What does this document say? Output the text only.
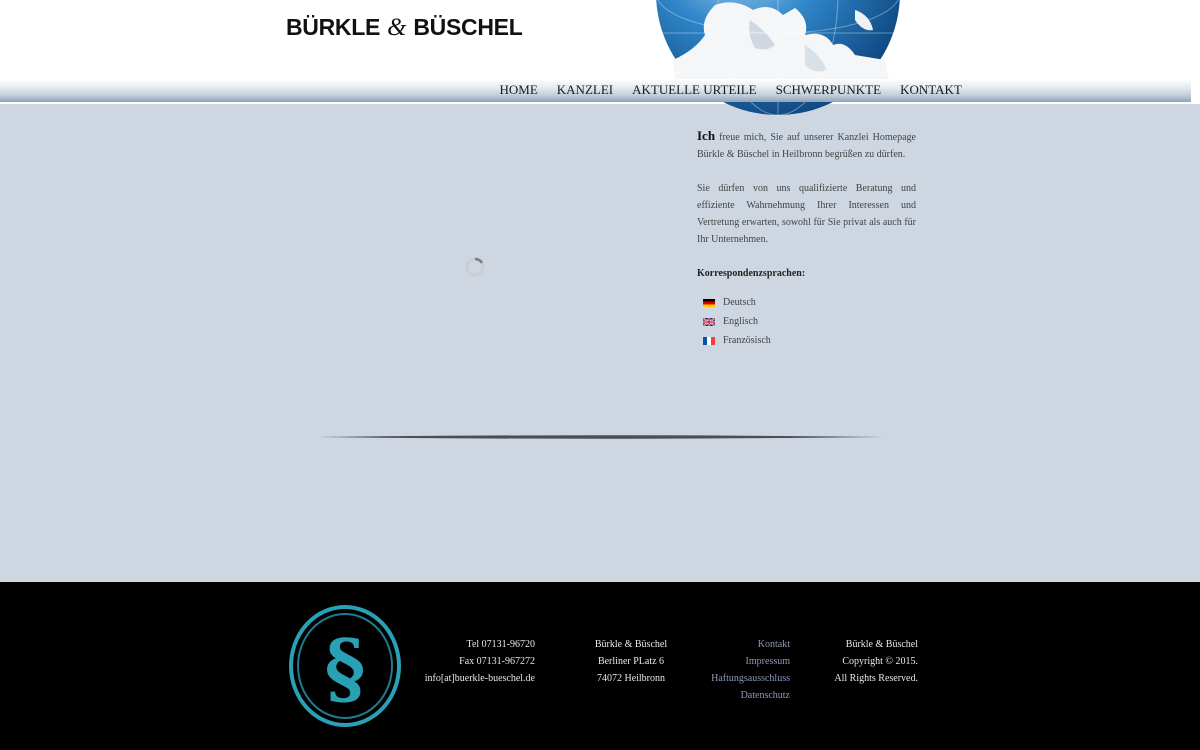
BÜRKLE & BÜSCHEL
HOME	KANZLEI	AKTUELLE URTEILE	SCHWERPUNKTE	KONTAKT

Ich freue mich, Sie auf unserer Kanzlei Homepage Bürkle & Büschel in Heilbronn begrüßen zu dürfen.

Sie dürfen von uns qualifizierte Beratung und effiziente Wahrnehmung Ihrer Interessen und Vertretung erwarten, sowohl für Sie privat als auch für Ihr Unternehmen.

Korrespondenzsprachen:
Deutsch
Englisch
Französisch
§	Tel 07131-96720
Fax 07131-967272
info[at]buerkle-bueschel.de
Bürkle & Büschel
Berliner PLatz 6
74072 Heilbronn
Kontakt
Impressum
Haftungsausschluss
Datenschutz
Bürkle & Büschel
Copyright © 2015.
All Rights Reserved.
